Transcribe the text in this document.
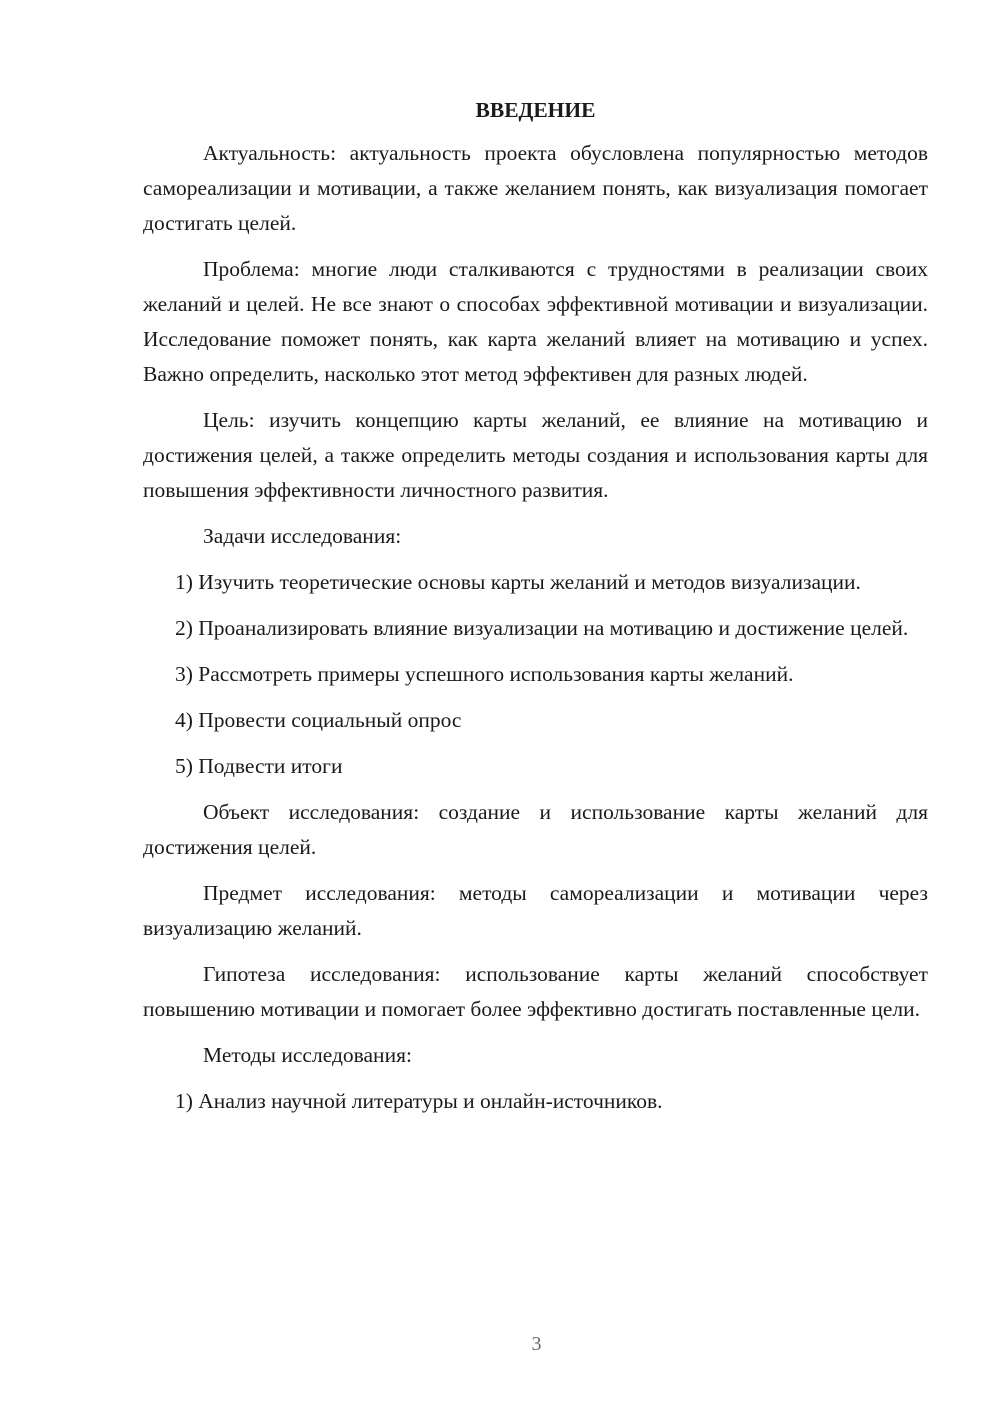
ВВЕДЕНИЕ

Актуальность: актуальность проекта обусловлена популярностью методов самореализации и мотивации, а также желанием понять, как визуализация помогает достигать целей.

Проблема: многие люди сталкиваются с трудностями в реализации своих желаний и целей. Не все знают о способах эффективной мотивации и визуализации. Исследование поможет понять, как карта желаний влияет на мотивацию и успех. Важно определить, насколько этот метод эффективен для разных людей.

Цель: изучить концепцию карты желаний, ее влияние на мотивацию и достижения целей, а также определить методы создания и использования карты для повышения эффективности личностного развития.

Задачи исследования:

1) Изучить теоретические основы карты желаний и методов визуализации.

2) Проанализировать влияние визуализации на мотивацию и достижение целей.

3) Рассмотреть примеры успешного использования карты желаний.

4) Провести социальный опрос

5) Подвести итоги

Объект исследования: создание и использование карты желаний для достижения целей.

Предмет исследования: методы самореализации и мотивации через визуализацию желаний.

Гипотеза исследования: использование карты желаний способствует повышению мотивации и помогает более эффективно достигать поставленные цели.

Методы исследования:

1) Анализ научной литературы и онлайн-источников.

3
